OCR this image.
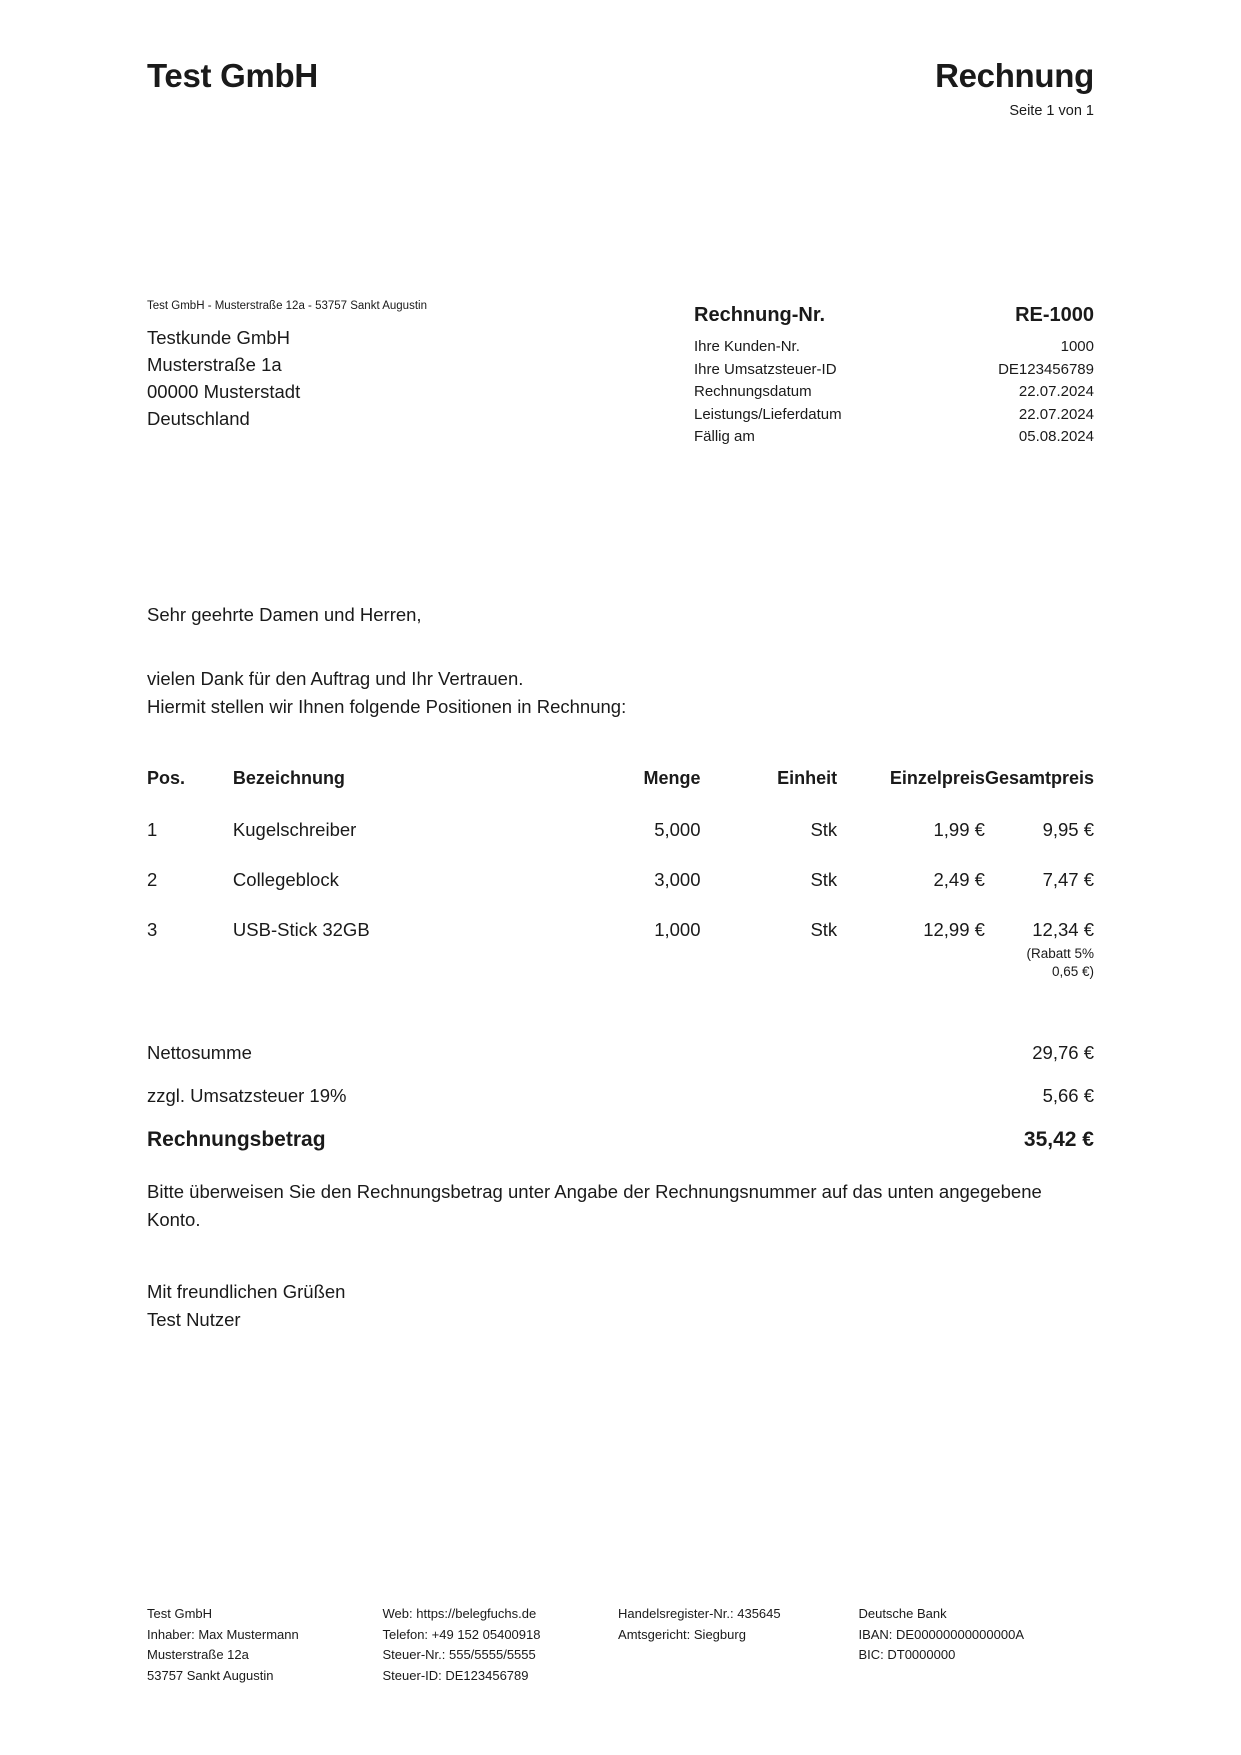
Test GmbH	Rechnung
Seite 1 von 1
Test GmbH - Musterstraße 12a - 53757 Sankt Augustin
Testkunde GmbH
Musterstraße 1a
00000 Musterstadt
Deutschland
Rechnung-Nr.	RE-1000
Ihre Kunden-Nr.	1000
Ihre Umsatzsteuer-ID	DE123456789
Rechnungsdatum	22.07.2024
Leistungs/Lieferdatum	22.07.2024
Fällig am	05.08.2024
Sehr geehrte Damen und Herren,
vielen Dank für den Auftrag und Ihr Vertrauen.
Hiermit stellen wir Ihnen folgende Positionen in Rechnung:
Pos.	Bezeichnung	Menge	Einheit	Einzelpreis	Gesamtpreis
1	Kugelschreiber	5,000	Stk	1,99 €	9,95 €
2	Collegeblock	3,000	Stk	2,49 €	7,47 €
3	USB-Stick 32GB	1,000	Stk	12,99 €	12,34 €
(Rabatt 5%
0,65 €)
Nettosumme	29,76 €
zzgl. Umsatzsteuer 19%	5,66 €
Rechnungsbetrag	35,42 €
Bitte überweisen Sie den Rechnungsbetrag unter Angabe der Rechnungsnummer auf das unten angegebene Konto.
Mit freundlichen Grüßen
Test Nutzer
Test GmbH
Inhaber: Max Mustermann
Musterstraße 12a
53757 Sankt Augustin
Web: https://belegfuchs.de
Telefon: +49 152 05400918
Steuer-Nr.: 555/5555/5555
Steuer-ID: DE123456789
Handelsregister-Nr.: 435645
Amtsgericht: Siegburg
Deutsche Bank
IBAN: DE00000000000000A
BIC: DT0000000
